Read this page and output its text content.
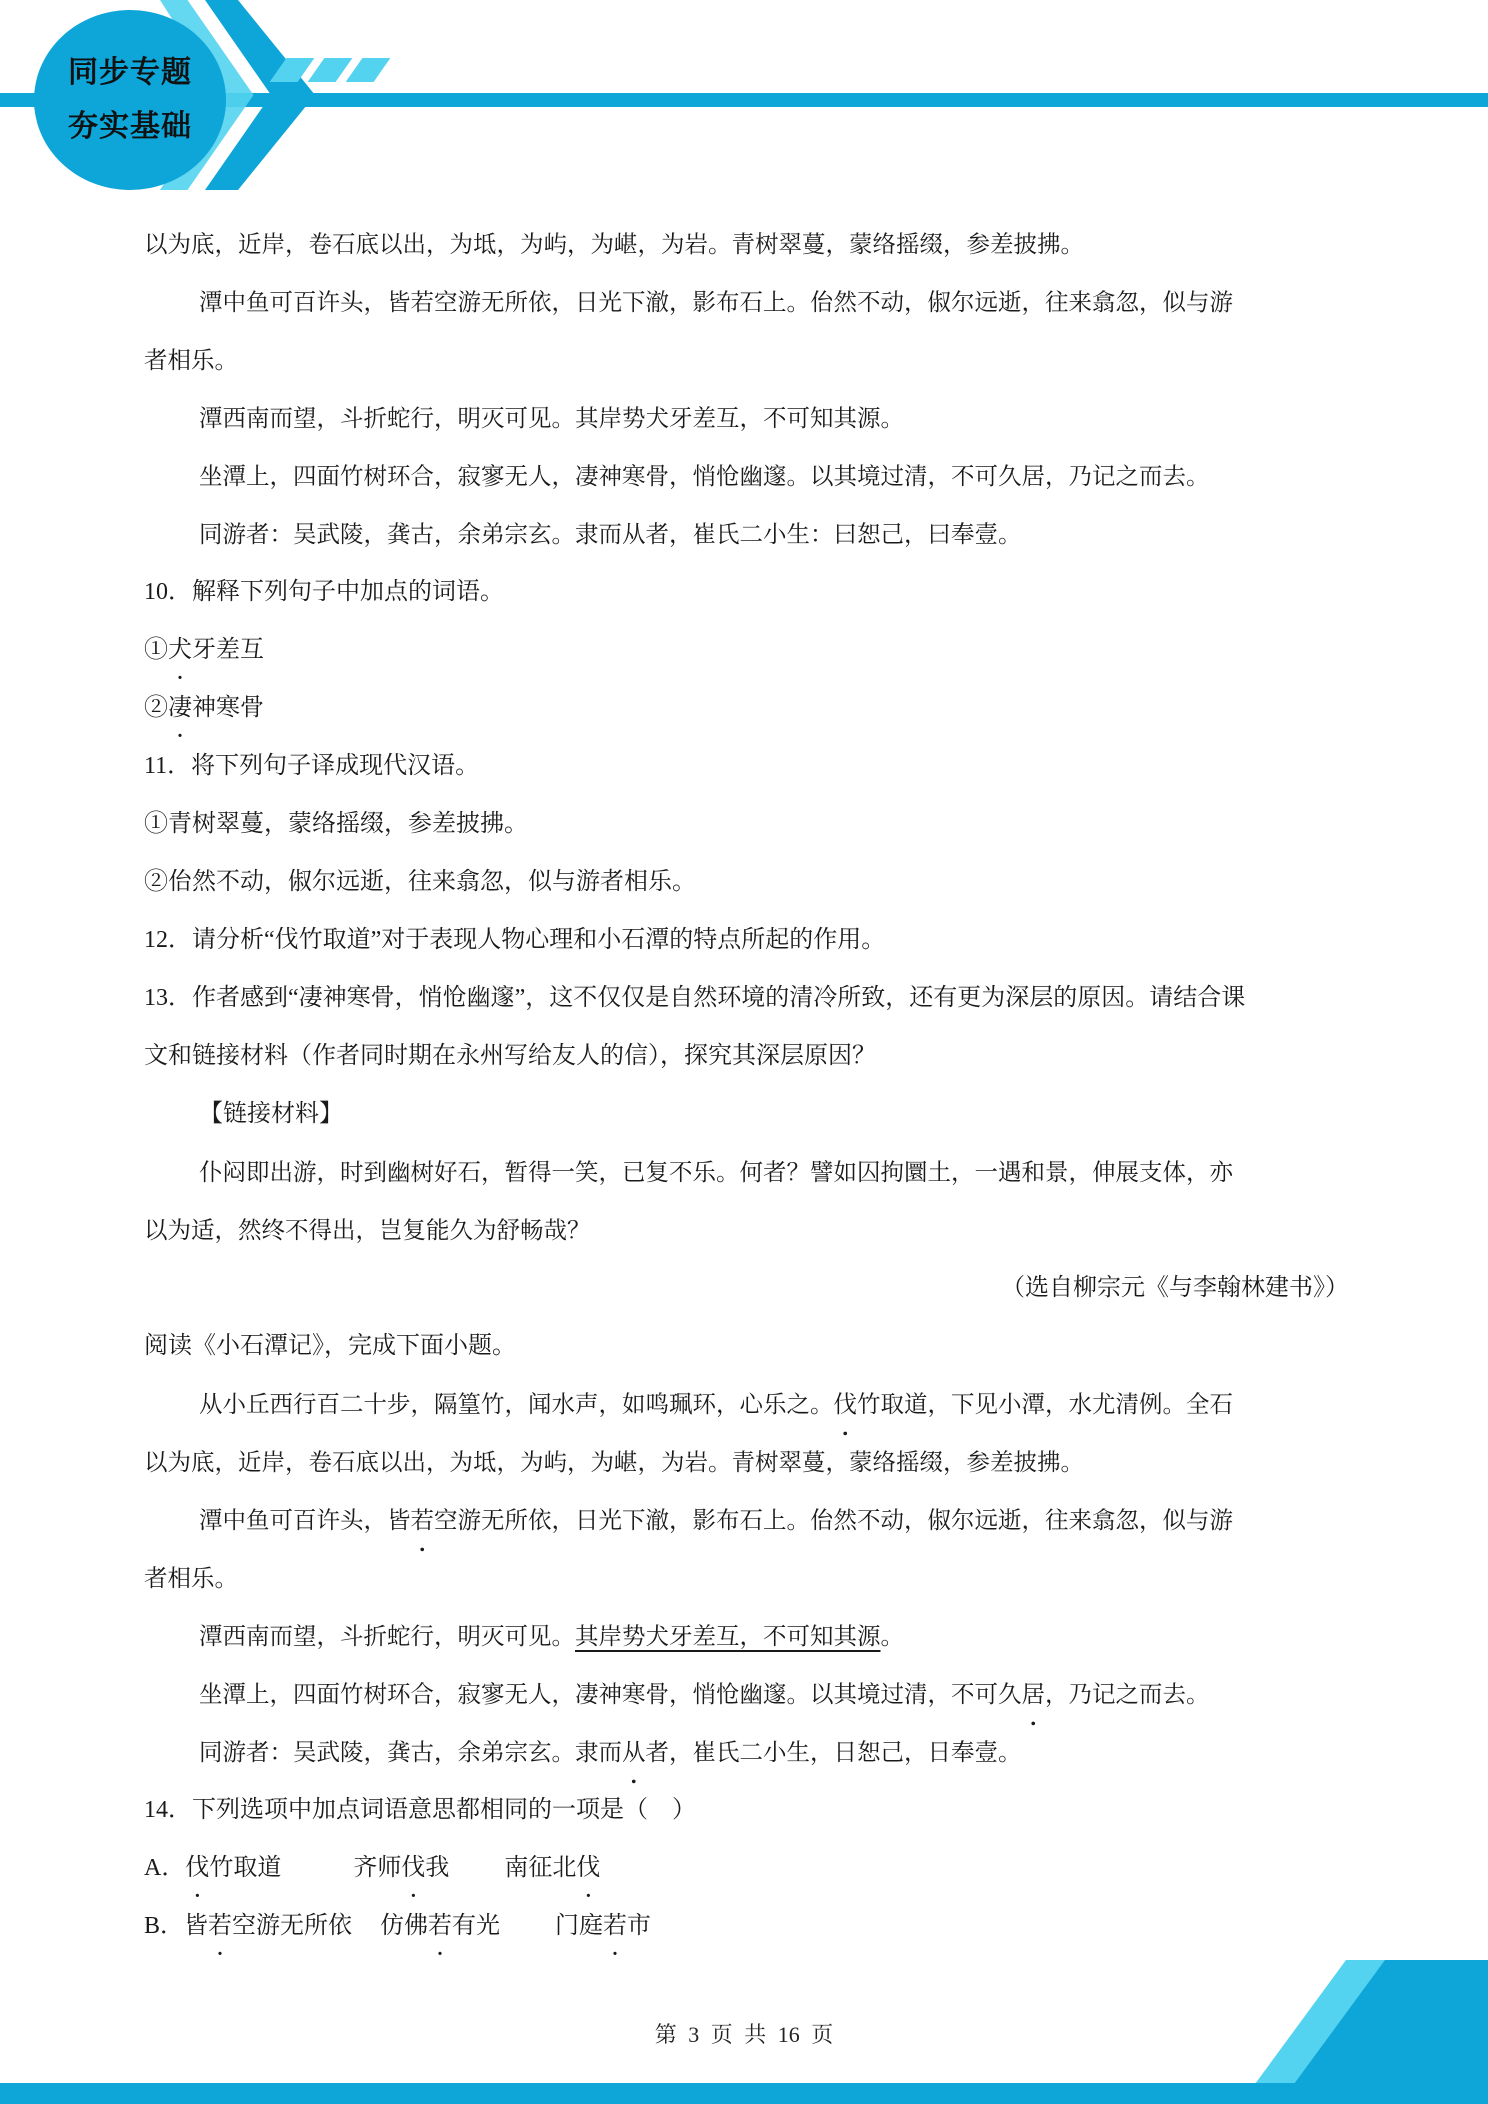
同步专题
夯实基础
以为底，近岸，卷石底以出，为坻，为屿，为嵁，为岩。青树翠蔓，蒙络摇缀，参差披拂。
潭中鱼可百许头，皆若空游无所依，日光下澈，影布石上。佁然不动，俶尔远逝，往来翕忽，似与游
者相乐。
潭西南而望，斗折蛇行，明灭可见。其岸势犬牙差互，不可知其源。
坐潭上，四面竹树环合，寂寥无人，凄神寒骨，悄怆幽邃。以其境过清，不可久居，乃记之而去。
同游者：吴武陵，龚古，余弟宗玄。隶而从者，崔氏二小生：曰恕己，曰奉壹。
10．解释下列句子中加点的词语。
①犬牙差互
②凄神寒骨
11．将下列句子译成现代汉语。
①青树翠蔓，蒙络摇缀，参差披拂。
②佁然不动，俶尔远逝，往来翕忽，似与游者相乐。
12．请分析“伐竹取道”对于表现人物心理和小石潭的特点所起的作用。
13．作者感到“凄神寒骨，悄怆幽邃”，这不仅仅是自然环境的清冷所致，还有更为深层的原因。请结合课
文和链接材料（作者同时期在永州写给友人的信），探究其深层原因？
【链接材料】
仆闷即出游，时到幽树好石，暂得一笑，已复不乐。何者？譬如囚拘圜土，一遇和景，伸展支体，亦
以为适，然终不得出，岂复能久为舒畅哉？
（选自柳宗元《与李翰林建书》）
阅读《小石潭记》，完成下面小题。
从小丘西行百二十步，隔篁竹，闻水声，如鸣珮环，心乐之。伐竹取道，下见小潭，水尤清例。全石
以为底，近岸，卷石底以出，为坻，为屿，为嵁，为岩。青树翠蔓，蒙络摇缀，参差披拂。
潭中鱼可百许头，皆若空游无所依，日光下澈，影布石上。佁然不动，俶尔远逝，往来翕忽，似与游
者相乐。
潭西南而望，斗折蛇行，明灭可见。其岸势犬牙差互，不可知其源。
坐潭上，四面竹树环合，寂寥无人，凄神寒骨，悄怆幽邃。以其境过清，不可久居，乃记之而去。
同游者：吴武陵，龚古，余弟宗玄。隶而从者，崔氏二小生，日恕己，日奉壹。
14．下列选项中加点词语意思都相同的一项是（　）
A．伐竹取道	齐师伐我 南征北伐
B．皆若空游无所依 仿佛若有光 门庭若市
第 3 页 共 16 页
